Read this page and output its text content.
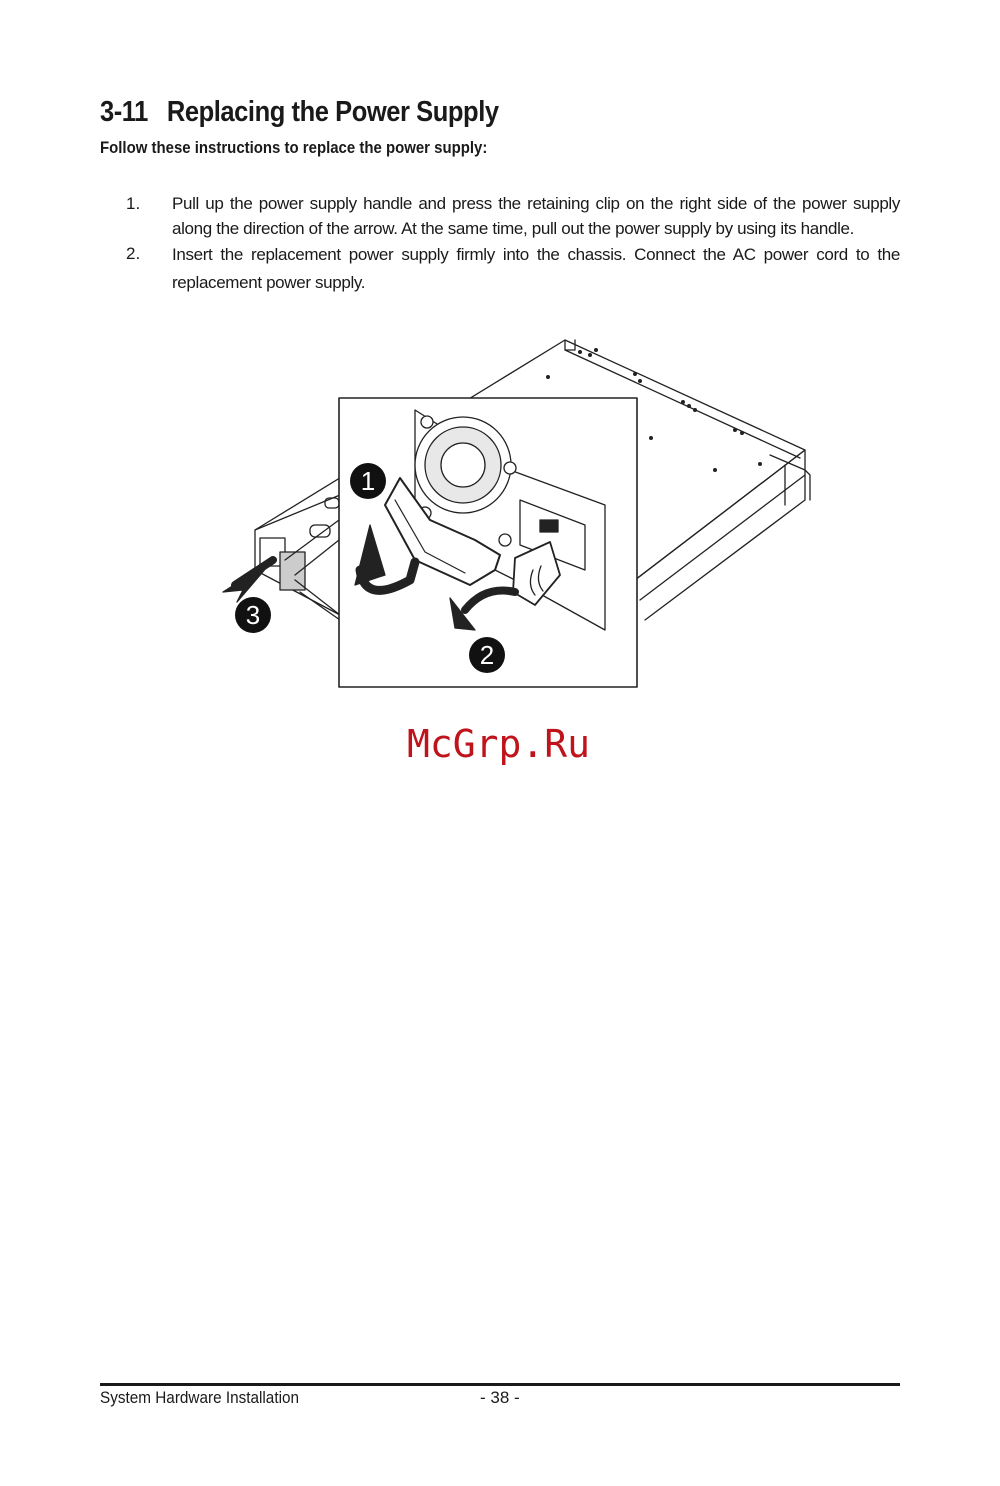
3-11 Replacing the Power Supply

Follow these instructions to replace the power supply:

1. Pull up the power supply handle and press the retaining clip on the right side of the power supply along the direction of the arrow. At the same time, pull out the power supply by using its handle.
2. Insert the replacement power supply firmly into the chassis. Connect the AC power cord to the replacement power supply.
1
2
3

McGrp.Ru

System Hardware Installation	- 38 -
